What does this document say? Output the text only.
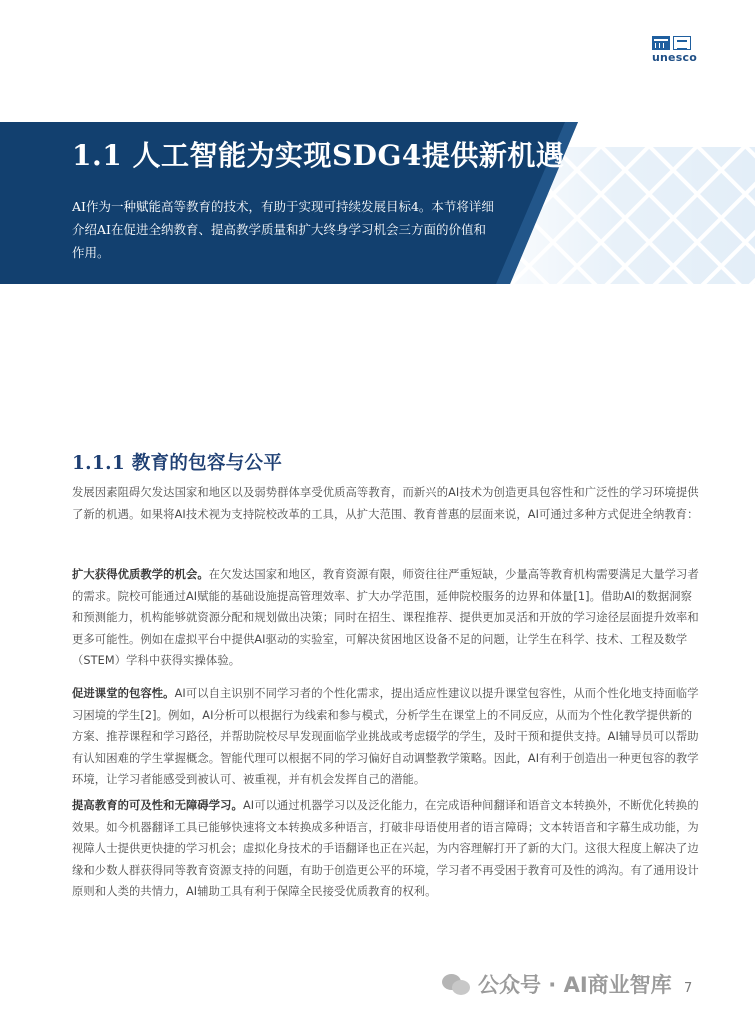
unesco
1.1 人工智能为实现SDG4提供新机遇

AI作为一种赋能高等教育的技术，有助于实现可持续发展目标4。本节将详细介绍AI在促进全纳教育、提高教学质量和扩大终身学习机会三方面的价值和作用。

1.1.1 教育的包容与公平

发展因素阻碍欠发达国家和地区以及弱势群体享受优质高等教育，而新兴的AI技术为创造更具包容性和广泛性的学习环境提供了新的机遇。如果将AI技术视为支持院校改革的工具，从扩大范围、教育普惠的层面来说，AI可通过多种方式促进全纳教育：

扩大获得优质教学的机会。在欠发达国家和地区，教育资源有限，师资往往严重短缺，少量高等教育机构需要满足大量学习者的需求。院校可能通过AI赋能的基础设施提高管理效率、扩大办学范围，延伸院校服务的边界和体量[1]。借助AI的数据洞察和预测能力，机构能够就资源分配和规划做出决策；同时在招生、课程推荐、提供更加灵活和开放的学习途径层面提升效率和更多可能性。例如在虚拟平台中提供AI驱动的实验室，可解决贫困地区设备不足的问题，让学生在科学、技术、工程及数学（STEM）学科中获得实操体验。

促进课堂的包容性。AI可以自主识别不同学习者的个性化需求，提出适应性建议以提升课堂包容性，从而个性化地支持面临学习困境的学生[2]。例如，AI分析可以根据行为线索和参与模式，分析学生在课堂上的不同反应，从而为个性化教学提供新的方案、推荐课程和学习路径，并帮助院校尽早发现面临学业挑战或考虑辍学的学生，及时干预和提供支持。AI辅导员可以帮助有认知困难的学生掌握概念。智能代理可以根据不同的学习偏好自动调整教学策略。因此，AI有利于创造出一种更包容的教学环境，让学习者能感受到被认可、被重视，并有机会发挥自己的潜能。

提高教育的可及性和无障碍学习。AI可以通过机器学习以及泛化能力，在完成语种间翻译和语音文本转换外，不断优化转换的效果。如今机器翻译工具已能够快速将文本转换成多种语言，打破非母语使用者的语言障碍；文本转语音和字幕生成功能，为视障人士提供更快捷的学习机会；虚拟化身技术的手语翻译也正在兴起，为内容理解打开了新的大门。这很大程度上解决了边缘和少数人群获得同等教育资源支持的问题，有助于创造更公平的环境，学习者不再受困于教育可及性的鸿沟。有了通用设计原则和人类的共情力，AI辅助工具有利于保障全民接受优质教育的权利。

公众号 · AI商业智库 7
